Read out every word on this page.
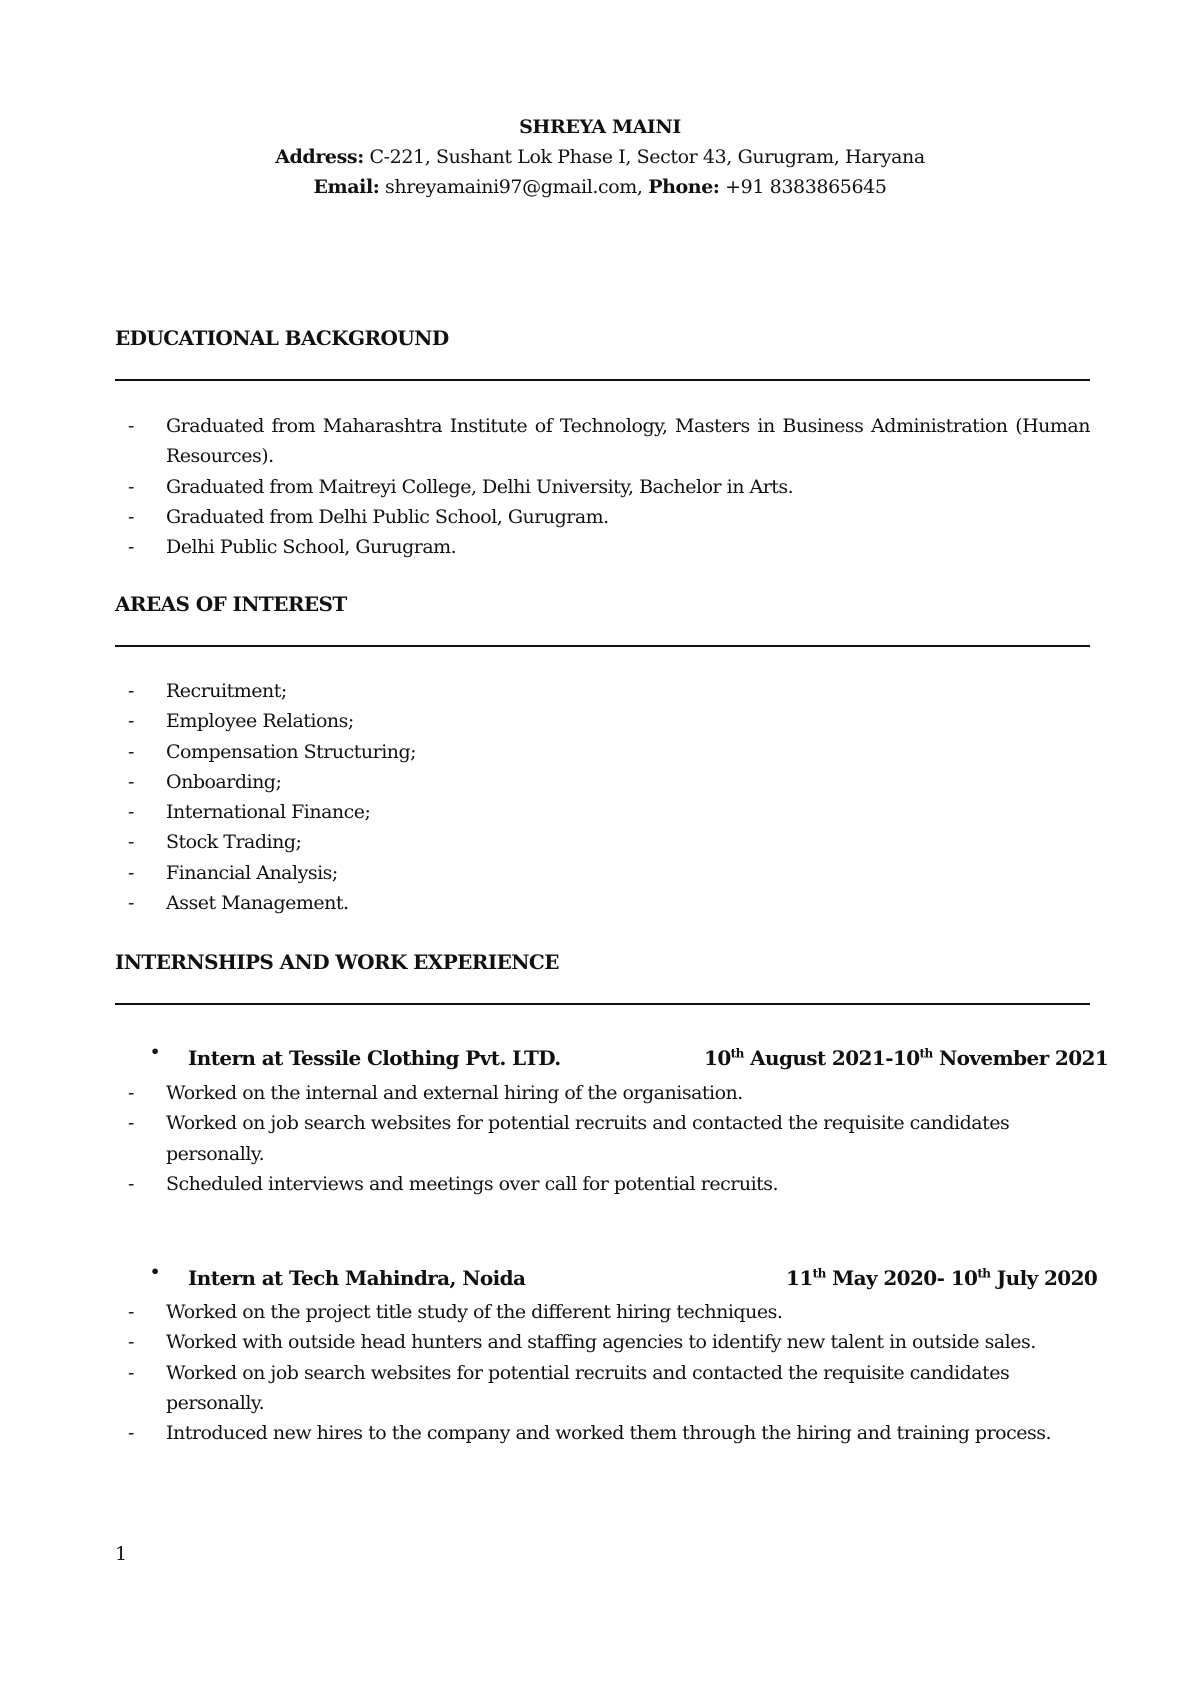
SHREYA MAINI
Address: C-221, Sushant Lok Phase I, Sector 43, Gurugram, Haryana
Email: shreyamaini97@gmail.com, Phone: +91 8383865645
EDUCATIONAL BACKGROUND
- Graduated from Maharashtra Institute of Technology, Masters in Business Administration (Human Resources).
- Graduated from Maitreyi College, Delhi University, Bachelor in Arts.
- Graduated from Delhi Public School, Gurugram.
- Delhi Public School, Gurugram.
AREAS OF INTEREST
- Recruitment;
- Employee Relations;
- Compensation Structuring;
- Onboarding;
- International Finance;
- Stock Trading;
- Financial Analysis;
- Asset Management.
INTERNSHIPS AND WORK EXPERIENCE
• Intern at Tessile Clothing Pvt. LTD.	10th August 2021-10th November 2021
- Worked on the internal and external hiring of the organisation.
- Worked on job search websites for potential recruits and contacted the requisite candidates personally.
- Scheduled interviews and meetings over call for potential recruits.
• Intern at Tech Mahindra, Noida	11th May 2020- 10th July 2020
- Worked on the project title study of the different hiring techniques.
- Worked with outside head hunters and staffing agencies to identify new talent in outside sales.
- Worked on job search websites for potential recruits and contacted the requisite candidates personally.
- Introduced new hires to the company and worked them through the hiring and training process.
1
